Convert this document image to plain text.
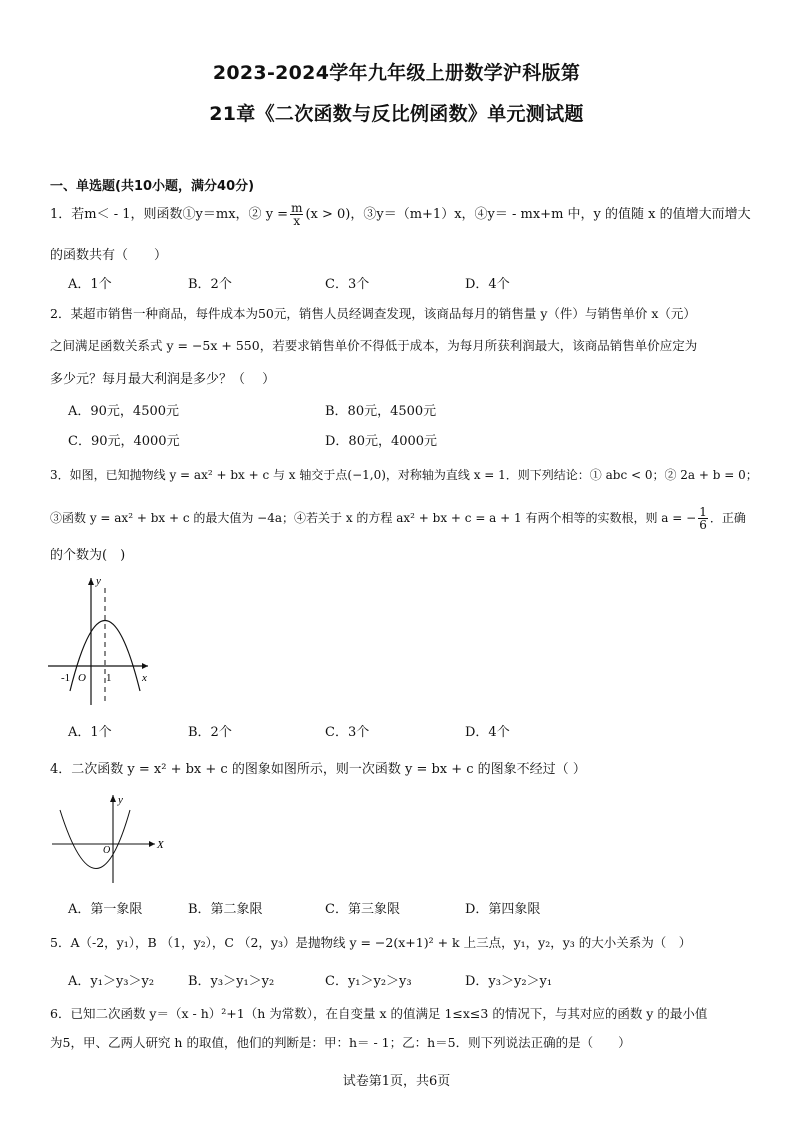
2023-2024学年九年级上册数学沪科版第
21章《二次函数与反比例函数》单元测试题
一、单选题(共10小题，满分40分)
1．若m＜ - 1，则函数①y＝mx，② $y = \frac{m}{x} (x > 0)$，③y＝（m+1）x，④y＝ - mx+m 中，y 的值随 x 的值增大而增大
的函数共有（　　）
A．1个	B．2个	C．3个	D．4个
2．某超市销售一种商品，每件成本为50元，销售人员经调查发现，该商品每月的销售量 y（件）与销售单价 x（元）
之间满足函数关系式 y = −5x + 550，若要求销售单价不得低于成本，为每月所获利润最大，该商品销售单价应定为
多少元？每月最大利润是多少？（　 ）
A．90元，4500元	B．80元，4500元
C．90元，4000元	D．80元，4000元
3．如图，已知抛物线 y = ax² + bx + c 与 x 轴交于点(−1,0)，对称轴为直线 x = 1．则下列结论：① abc < 0；② 2a + b = 0；
③函数 y = ax² + bx + c 的最大值为 −4a；④若关于 x 的方程 ax² + bx + c = a + 1 有两个相等的实数根，则 a = − $\frac{1}{6}$ ．正确
的个数为(　)
y
x
-1 O 1
A．1个	B．2个	C．3个	D．4个
4．二次函数 y = x² + bx + c 的图象如图所示，则一次函数 y = bx + c 的图象不经过（ ）
y
X
O
A．第一象限	B．第二象限	C．第三象限	D．第四象限
5．A（-2，y₁），B （1，y₂），C （2，y₃）是抛物线 y = −2(x+1)² + k 上三点，y₁，y₂，y₃ 的大小关系为（　）
A．y₁＞y₃＞y₂	B．y₃＞y₁＞y₂	C．y₁＞y₂＞y₃	D．y₃＞y₂＞y₁
6．已知二次函数 y＝（x - h）²+1（h 为常数），在自变量 x 的值满足 1≤x≤3 的情况下，与其对应的函数 y 的最小值
为5，甲、乙两人研究 h 的取值，他们的判断是：甲：h＝ - 1；乙：h＝5．则下列说法正确的是（　　）
试卷第1页，共6页
